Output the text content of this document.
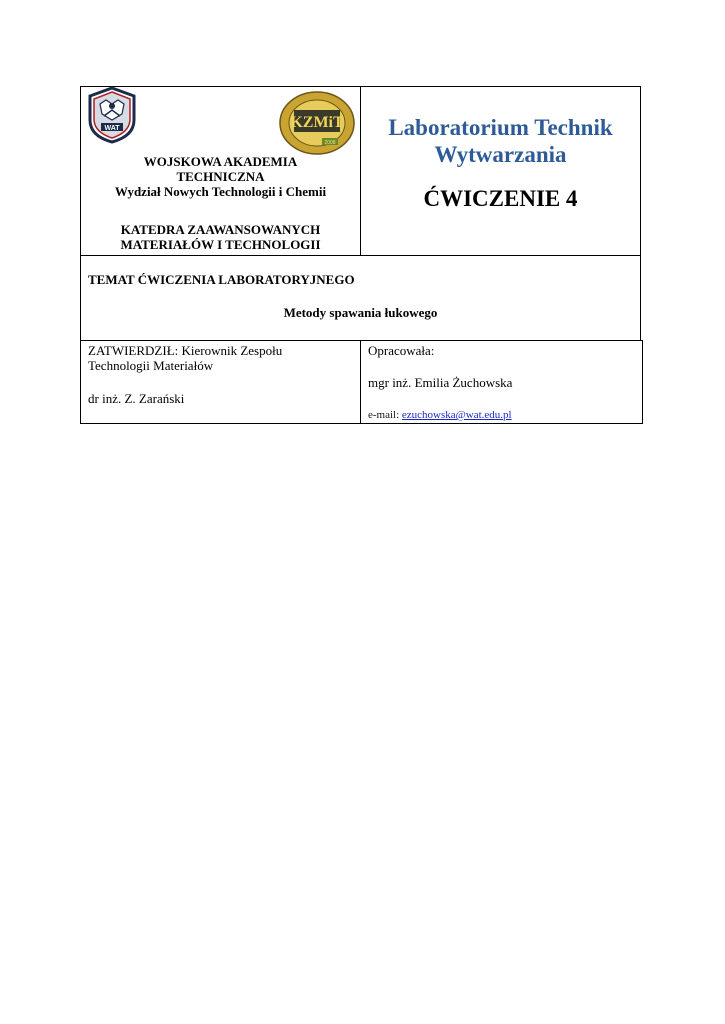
WAT	KZMiT
2008
WOJSKOWA AKADEMIA
TECHNICZNA
Wydział Nowych Technologii i Chemii
KATEDRA ZAAWANSOWANYCH
MATERIAŁÓW I TECHNOLOGII
Laboratorium Technik
Wytwarzania
ĆWICZENIE 4
TEMAT ĆWICZENIA LABORATORYJNEGO
Metody spawania łukowego
ZATWIERDZIŁ: Kierownik Zespołu
Technologii Materiałów
dr inż. Z. Zarański
Opracowała:
mgr inż. Emilia Żuchowska
e-mail: ezuchowska@wat.edu.pl
